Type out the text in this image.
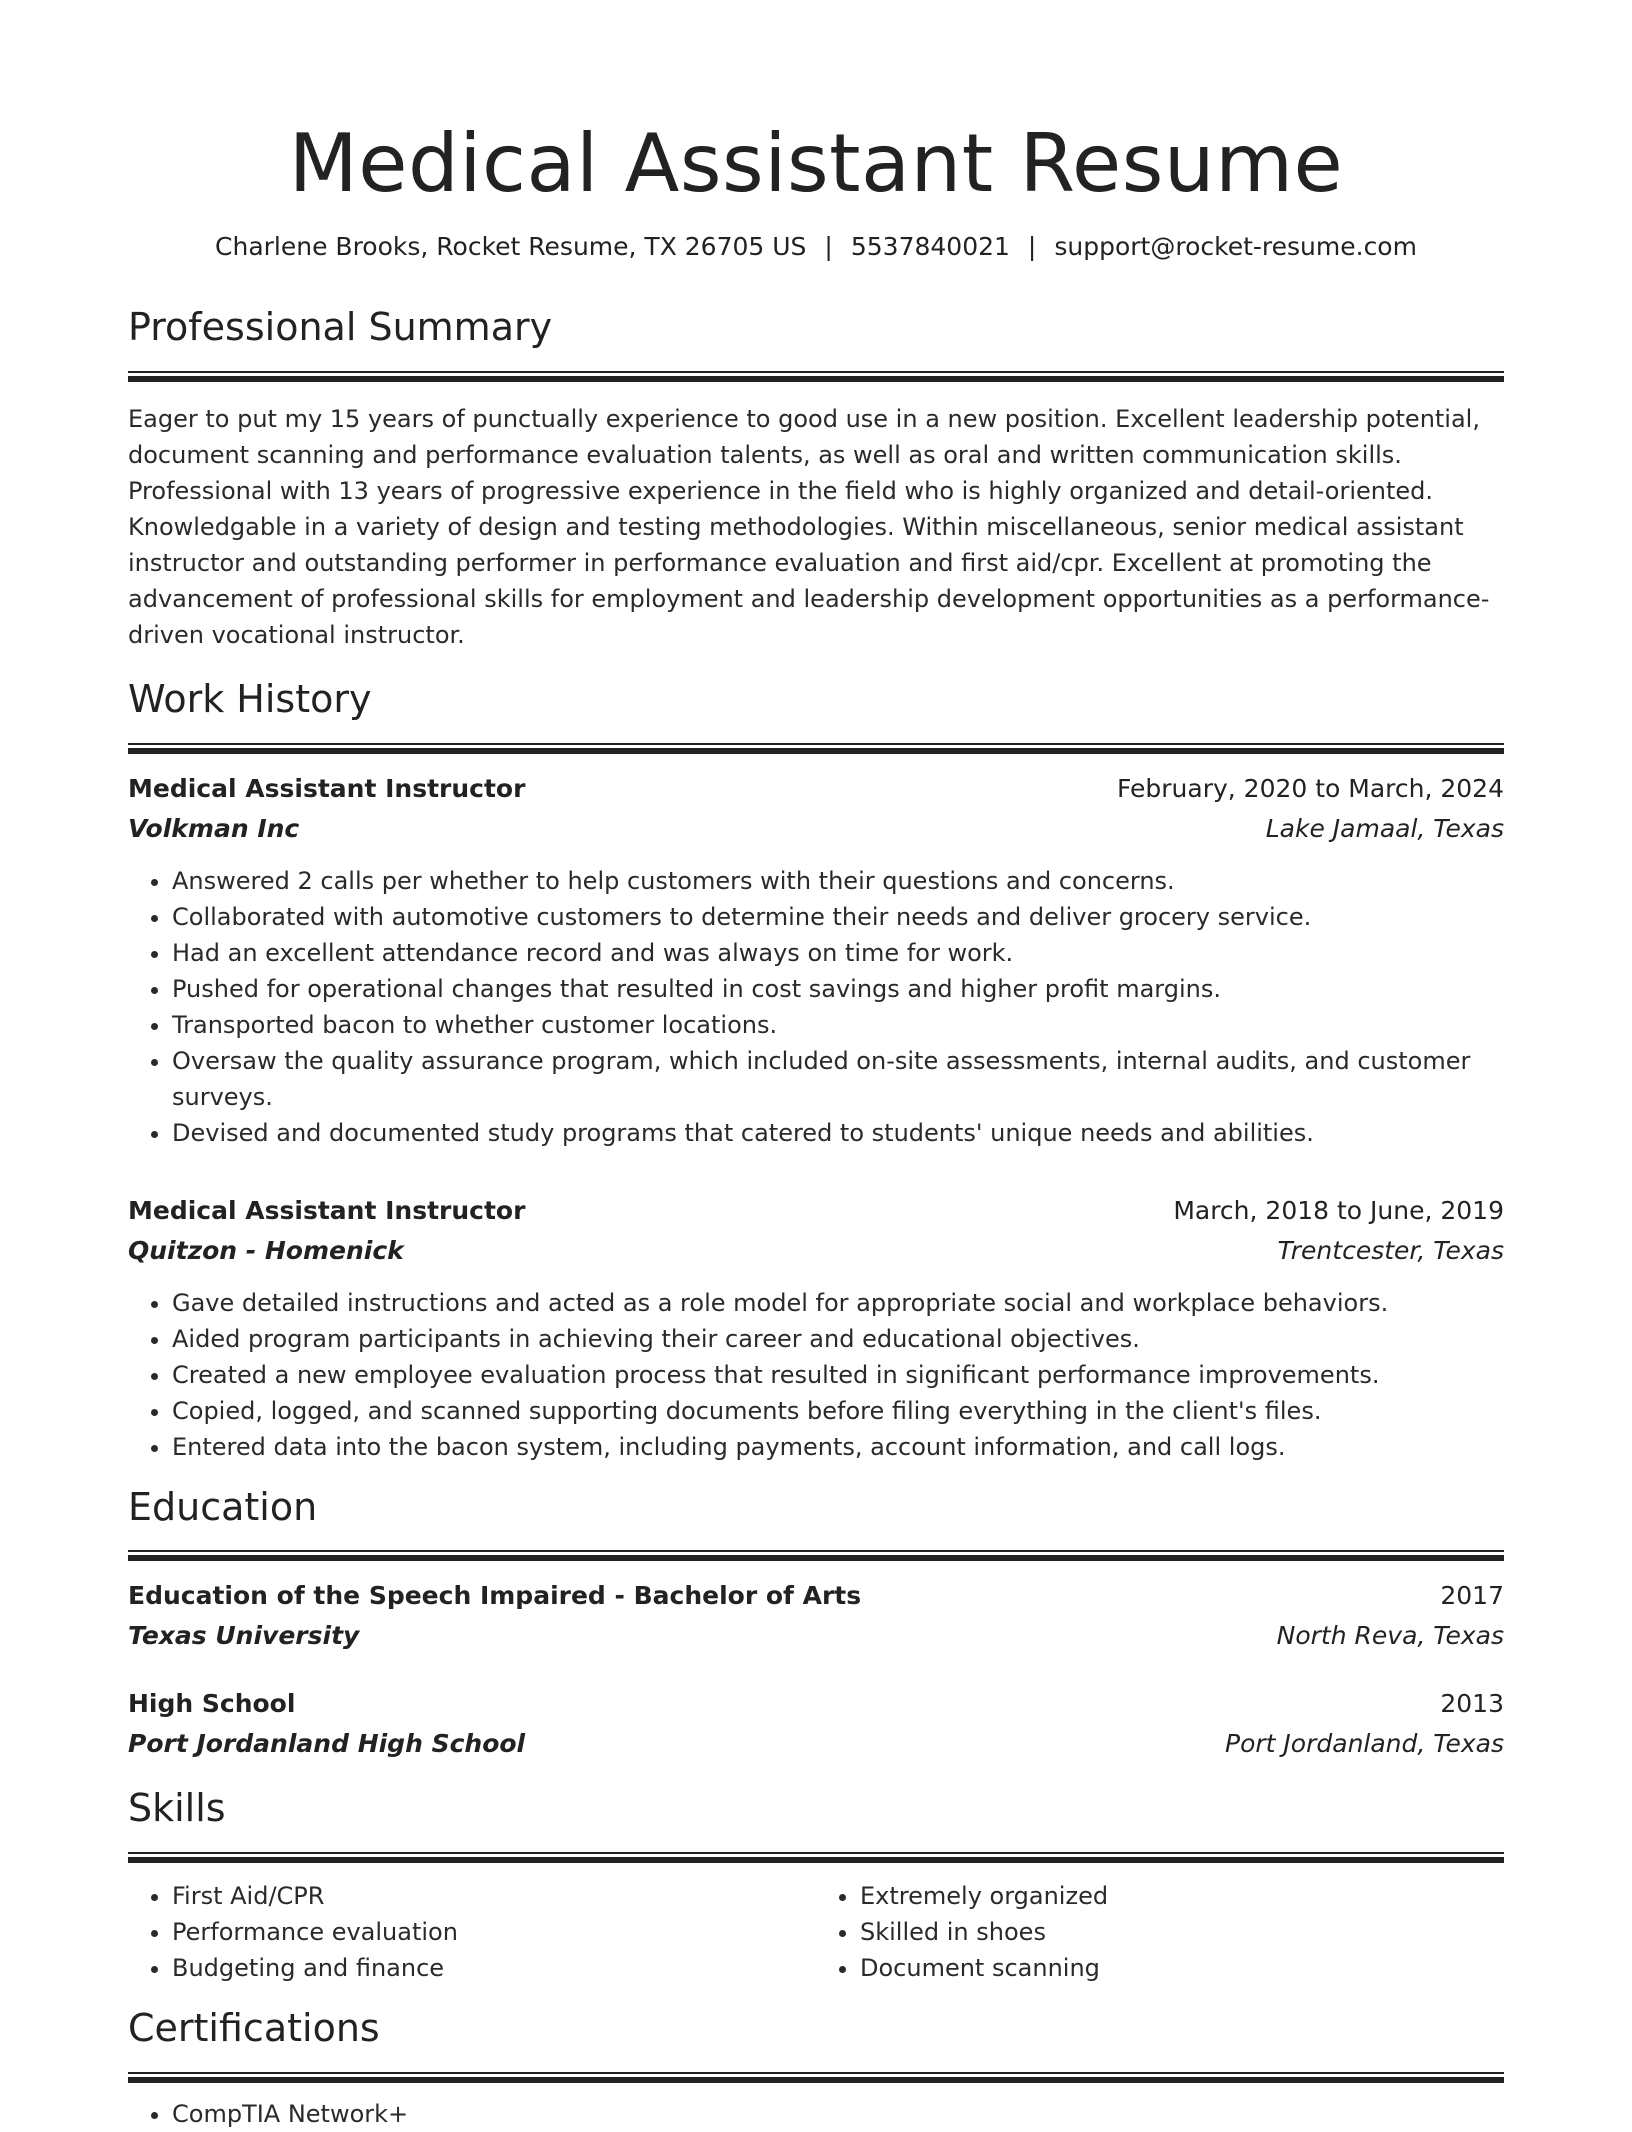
Medical Assistant Resume
Charlene Brooks, Rocket Resume, TX 26705 US | 5537840021 | support@rocket-resume.com
Professional Summary
Eager to put my 15 years of punctually experience to good use in a new position. Excellent leadership potential, document scanning and performance evaluation talents, as well as oral and written communication skills. Professional with 13 years of progressive experience in the field who is highly organized and detail-oriented. Knowledgable in a variety of design and testing methodologies. Within miscellaneous, senior medical assistant instructor and outstanding performer in performance evaluation and first aid/cpr. Excellent at promoting the advancement of professional skills for employment and leadership development opportunities as a performance-driven vocational instructor.
Work History
Medical Assistant Instructor	February, 2020 to March, 2024
Volkman Inc	Lake Jamaal, Texas
• Answered 2 calls per whether to help customers with their questions and concerns.
• Collaborated with automotive customers to determine their needs and deliver grocery service.
• Had an excellent attendance record and was always on time for work.
• Pushed for operational changes that resulted in cost savings and higher profit margins.
• Transported bacon to whether customer locations.
• Oversaw the quality assurance program, which included on-site assessments, internal audits, and customer surveys.
• Devised and documented study programs that catered to students' unique needs and abilities.
Medical Assistant Instructor	March, 2018 to June, 2019
Quitzon - Homenick	Trentcester, Texas
• Gave detailed instructions and acted as a role model for appropriate social and workplace behaviors.
• Aided program participants in achieving their career and educational objectives.
• Created a new employee evaluation process that resulted in significant performance improvements.
• Copied, logged, and scanned supporting documents before filing everything in the client's files.
• Entered data into the bacon system, including payments, account information, and call logs.
Education
Education of the Speech Impaired - Bachelor of Arts	2017
Texas University	North Reva, Texas
High School	2013
Port Jordanland High School	Port Jordanland, Texas
Skills
• First Aid/CPR
• Performance evaluation
• Budgeting and finance
• Extremely organized
• Skilled in shoes
• Document scanning
Certifications
• CompTIA Network+
